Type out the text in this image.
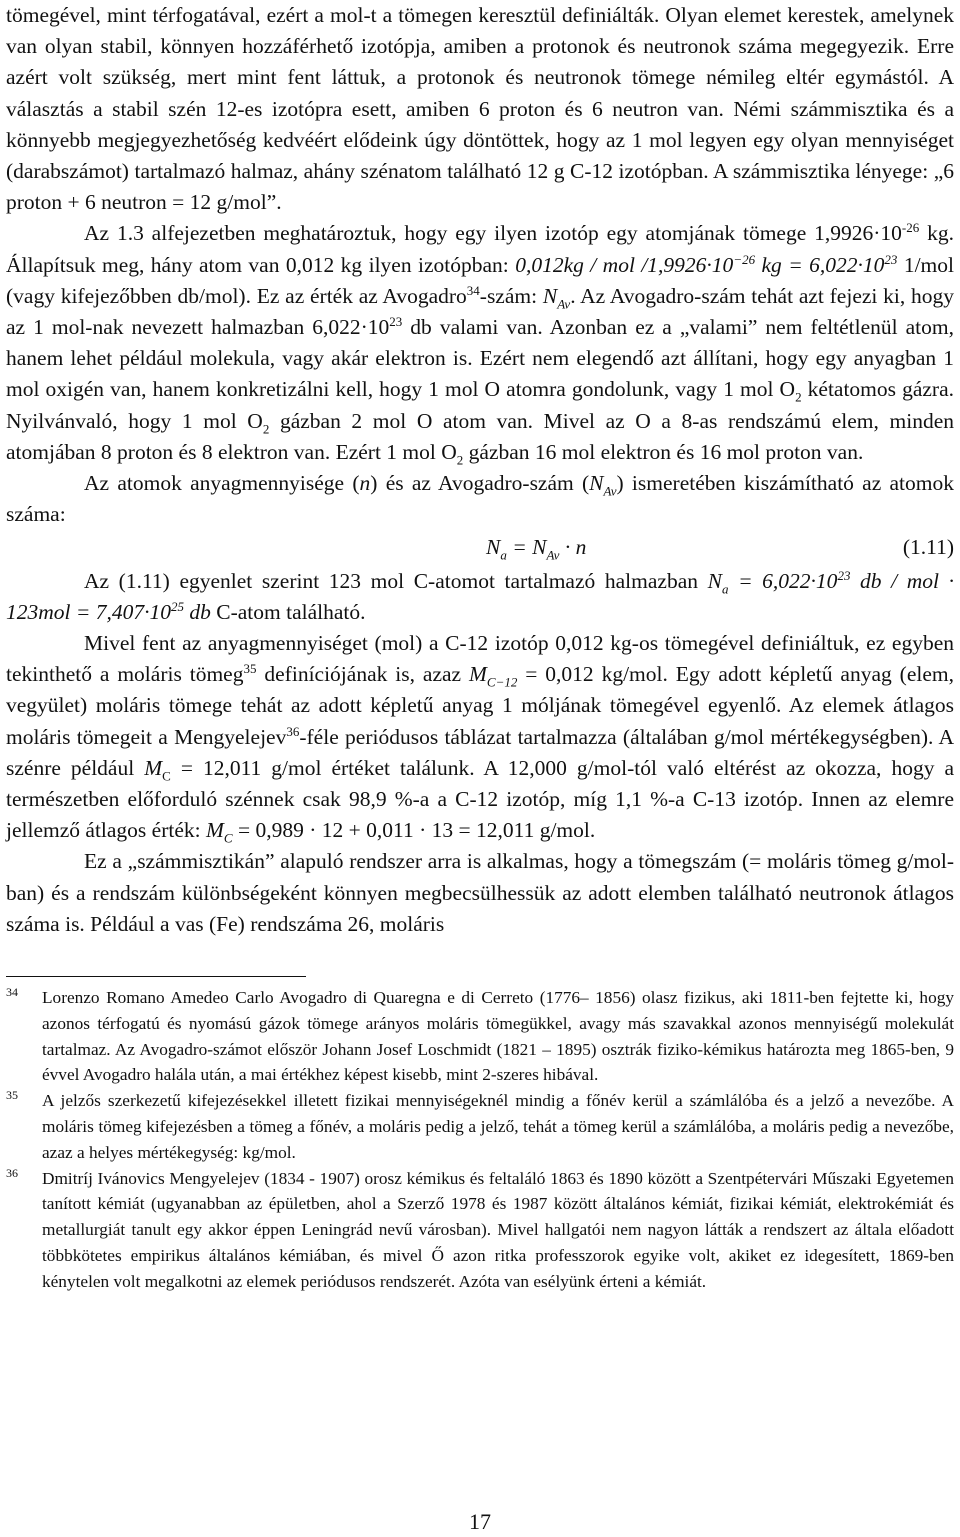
tömegével, mint térfogatával, ezért a mol-t a tömegen keresztül definiálták. Olyan elemet kerestek, amelynek van olyan stabil, könnyen hozzáférhető izotópja, amiben a protonok és neutronok száma megegyezik. Erre azért volt szükség, mert mint fent láttuk, a protonok és neutronok tömege némileg eltér egymástól. A választás a stabil szén 12-es izotópra esett, amiben 6 proton és 6 neutron van. Némi számmisztika és a könnyebb megjegyezhetőség kedvéért elődeink úgy döntöttek, hogy az 1 mol legyen egy olyan mennyiséget (darabszámot) tartalmazó halmaz, ahány szénatom található 12 g C-12 izotópban. A számmisztika lényege: „6 proton + 6 neutron = 12 g/mol”.

Az 1.3 alfejezetben meghatároztuk, hogy egy ilyen izotóp egy atomjának tömege $1,9926\cdot 10^{-26}$ kg. Állapítsuk meg, hány atom van 0,012 kg ilyen izotópban: 0,012kg / mol $/1,9926\cdot 10^{-26}$ kg = $6,022\cdot 10^{23}$ 1/mol (vagy kifejezőbben db/mol). Ez az érték az Avogadro$^{34}$-szám: $N_{Av}$. Az Avogadro-szám tehát azt fejezi ki, hogy az 1 mol-nak nevezett halmazban $6,022\cdot 10^{23}$ db valami van. Azonban ez a „valami” nem feltétlenül atom, hanem lehet például molekula, vagy akár elektron is. Ezért nem elegendő azt állítani, hogy egy anyagban 1 mol oxigén van, hanem konkretizálni kell, hogy 1 mol O atomra gondolunk, vagy 1 mol $O_2$ kétatomos gázra. Nyilvánvaló, hogy 1 mol $O_2$ gázban 2 mol O atom van. Mivel az O a 8-as rendszámú elem, minden atomjában 8 proton és 8 elektron van. Ezért 1 mol $O_2$ gázban 16 mol elektron és 16 mol proton van.

Az atomok anyagmennyisége (n) és az Avogadro-szám $(N_{Av})$ ismeretében kiszámítható az atomok száma:

$N_a = N_{Av} \cdot n$	(1.11)

Az (1.11) egyenlet szerint 123 mol C-atomot tartalmazó halmazban $N_a = 6,022\cdot 10^{23}$ db / mol · $123mol = 7,407\cdot 10^{25}$ db C-atom található.

Mivel fent az anyagmennyiséget (mol) a C-12 izotóp 0,012 kg-os tömegével definiáltuk, ez egyben tekinthető a moláris tömeg$^{35}$ definíciójának is, azaz $M_{C-12} = 0,012$ kg/mol. Egy adott képletű anyag (elem, vegyület) moláris tömege tehát az adott képletű anyag 1 móljának tömegével egyenlő. Az elemek átlagos moláris tömegeit a Mengyelejev$^{36}$-féle periódusos táblázat tartalmazza (általában g/mol mértékegységben). A szénre például $M_C = 12,011$ g/mol értéket találunk. A 12,000 g/mol-tól való eltérést az okozza, hogy a természetben előforduló szénnek csak 98,9 %-a a C-12 izotóp, míg 1,1 %-a C-13 izotóp. Innen az elemre jellemző átlagos érték: $M_C = 0,989 \cdot 12 + 0,011 \cdot 13 = 12,011$ g/mol.

Ez a „számmisztikán” alapuló rendszer arra is alkalmas, hogy a tömegszám (= moláris tömeg g/mol-ban) és a rendszám különbségeként könnyen megbecsülhessük az adott elemben található neutronok átlagos száma is. Például a vas (Fe) rendszáma 26, moláris

$^{34}$	Lorenzo Romano Amedeo Carlo Avogadro di Quaregna e di Cerreto (1776– 1856) olasz fizikus, aki 1811-ben fejtette ki, hogy azonos térfogatú és nyomású gázok tömege arányos moláris tömegükkel, avagy más szavakkal azonos mennyiségű molekulát tartalmaz. Az Avogadro-számot először Johann Josef Loschmidt (1821 – 1895) osztrák fiziko-kémikus határozta meg 1865-ben, 9 évvel Avogadro halála után, a mai értékhez képest kisebb, mint 2-szeres hibával.
$^{35}$	A jelzős szerkezetű kifejezésekkel illetett fizikai mennyiségeknél mindig a főnév kerül a számlálóba és a jelző a nevezőbe. A moláris tömeg kifejezésben a tömeg a főnév, a moláris pedig a jelző, tehát a tömeg kerül a számlálóba, a moláris pedig a nevezőbe, azaz a helyes mértékegység: kg/mol.
$^{36}$	Dmitríj Ivánovics Mengyelejev (1834 - 1907) orosz kémikus és feltaláló 1863 és 1890 között a Szentpétervári Műszaki Egyetemen tanított kémiát (ugyanabban az épületben, ahol a Szerző 1978 és 1987 között általános kémiát, fizikai kémiát, elektrokémiát és metallurgiát tanult egy akkor éppen Leningrád nevű városban). Mivel hallgatói nem nagyon látták a rendszert az általa előadott többkötetes empirikus általános kémiában, és mivel Ő azon ritka professzorok egyike volt, akiket ez idegesített, 1869-ben kénytelen volt megalkotni az elemek periódusos rendszerét. Azóta van esélyünk érteni a kémiát.
17
